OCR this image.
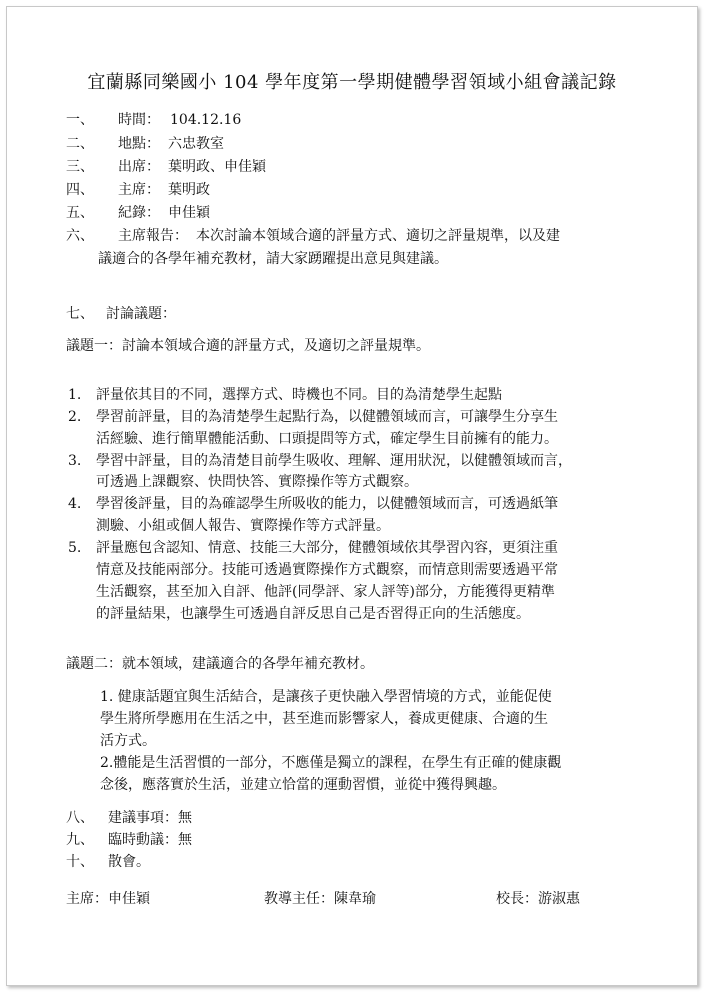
宜蘭縣同樂國小 104 學年度第一學期健體學習領域小組會議記錄
一、 時間： 104.12.16
二、 地點： 六忠教室
三、 出席： 葉明政、申佳穎
四、 主席： 葉明政
五、 紀錄： 申佳穎
六、 主席報告： 本次討論本領域合適的評量方式、適切之評量規準，以及建
議適合的各學年補充教材，請大家踴躍提出意見與建議。
七、 討論議題：
議題一：討論本領域合適的評量方式，及適切之評量規準。
1. 評量依其目的不同，選擇方式、時機也不同。目的為清楚學生起點
2. 學習前評量，目的為清楚學生起點行為，以健體領域而言，可讓學生分享生
活經驗、進行簡單體能活動、口頭提問等方式，確定學生目前擁有的能力。
3. 學習中評量，目的為清楚目前學生吸收、理解、運用狀況，以健體領域而言，
可透過上課觀察、快問快答、實際操作等方式觀察。
4. 學習後評量，目的為確認學生所吸收的能力，以健體領域而言，可透過紙筆
測驗、小組或個人報告、實際操作等方式評量。
5. 評量應包含認知、情意、技能三大部分，健體領域依其學習內容，更須注重
情意及技能兩部分。技能可透過實際操作方式觀察，而情意則需要透過平常
生活觀察，甚至加入自評、他評(同學評、家人評等)部分，方能獲得更精準
的評量結果，也讓學生可透過自評反思自己是否習得正向的生活態度。
議題二：就本領域，建議適合的各學年補充教材。
1. 健康話題宜與生活結合，是讓孩子更快融入學習情境的方式，並能促使
學生將所學應用在生活之中，甚至進而影響家人，養成更健康、合適的生
活方式。
2.體能是生活習慣的一部分，不應僅是獨立的課程，在學生有正確的健康觀
念後，應落實於生活，並建立恰當的運動習慣，並從中獲得興趣。
八、 建議事項：無
九、 臨時動議：無
十、 散會。
主席：申佳穎	教導主任：陳韋瑜	校長：游淑惠
